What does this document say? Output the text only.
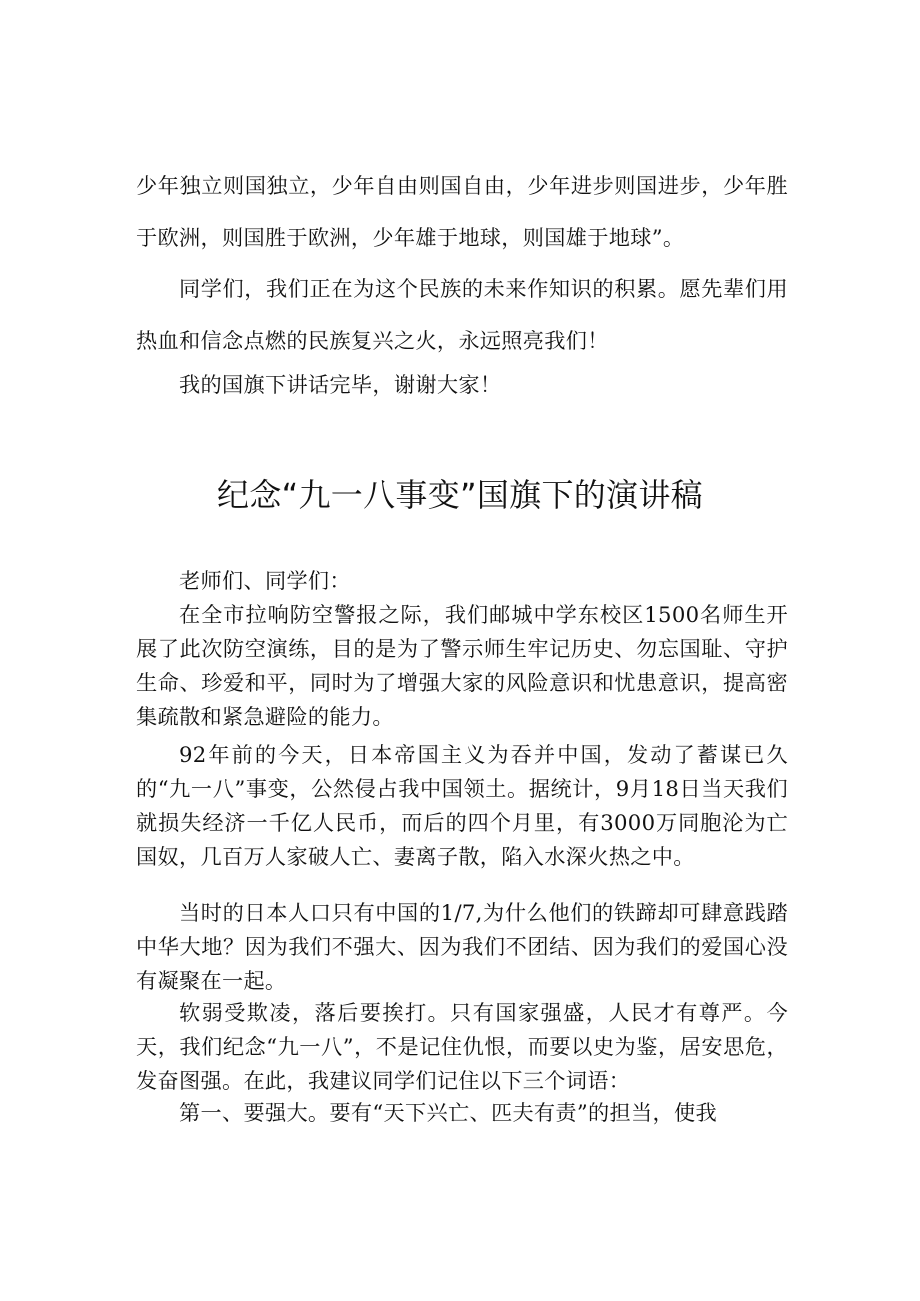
少年独立则国独立，少年自由则国自由，少年进步则国进步，少年胜于欧洲，则国胜于欧洲，少年雄于地球，则国雄于地球”。

同学们，我们正在为这个民族的未来作知识的积累。愿先辈们用热血和信念点燃的民族复兴之火，永远照亮我们！

我的国旗下讲话完毕，谢谢大家！

纪念“九一八事变”国旗下的演讲稿

老师们、同学们：

在全市拉响防空警报之际，我们邮城中学东校区1500名师生开展了此次防空演练，目的是为了警示师生牢记历史、勿忘国耻、守护生命、珍爱和平，同时为了增强大家的风险意识和忧患意识，提高密集疏散和紧急避险的能力。

92年前的今天，日本帝国主义为吞并中国，发动了蓄谋已久的“九一八”事变，公然侵占我中国领土。据统计，9月18日当天我们就损失经济一千亿人民币，而后的四个月里，有3000万同胞沦为亡国奴，几百万人家破人亡、妻离子散，陷入水深火热之中。

当时的日本人口只有中国的1/7,为什么他们的铁蹄却可肆意践踏中华大地？因为我们不强大、因为我们不团结、因为我们的爱国心没有凝聚在一起。

软弱受欺凌，落后要挨打。只有国家强盛，人民才有尊严。今天，我们纪念“九一八”，不是记住仇恨，而要以史为鉴，居安思危，发奋图强。在此，我建议同学们记住以下三个词语：

第一、要强大。要有“天下兴亡、匹夫有责”的担当，使我
